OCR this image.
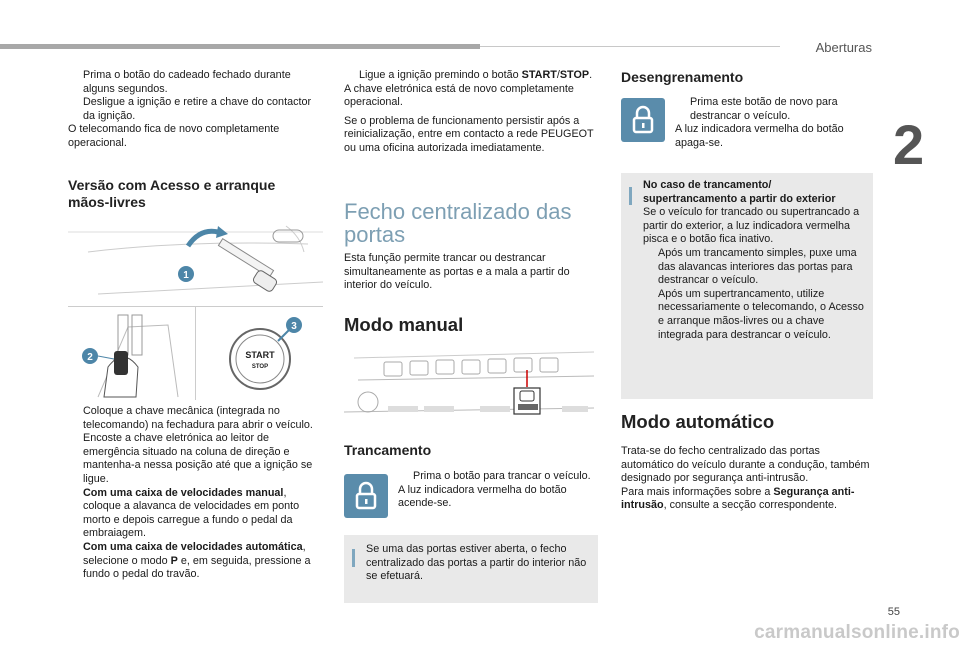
Aberturas
2
55
carmanualsonline.info
Prima o botão do cadeado fechado durante alguns segundos.
Desligue a ignição e retire a chave do contactor da ignição.

O telecomando fica de novo completamente operacional.

Versão com Acesso e arranque mãos-livres
1
2	START
STOP
3
Coloque a chave mecânica (integrada no telecomando) na fechadura para abrir o veículo.
Encoste a chave eletrónica ao leitor de emergência situado na coluna de direção e mantenha-a nessa posição até que a ignição se ligue.
Com uma caixa de velocidades manual, coloque a alavanca de velocidades em ponto morto e depois carregue a fundo o pedal da embraiagem.
Com uma caixa de velocidades automática, selecione o modo P e, em seguida, pressione a fundo o pedal do travão.
Ligue a ignição premindo o botão START/STOP.

A chave eletrónica está de novo completamente operacional.

Se o problema de funcionamento persistir após a reinicialização, entre em contacto a rede PEUGEOT ou uma oficina autorizada imediatamente.

Fecho centralizado das portas

Esta função permite trancar ou destrancar simultaneamente as portas e a mala a partir do interior do veículo.

Modo manual
Trancamento
Prima o botão para trancar o veículo.

A luz indicadora vermelha do botão acende-se.

Se uma das portas estiver aberta, o fecho centralizado das portas a partir do interior não se efetuará.
Desengrenamento
Prima este botão de novo para destrancar o veículo.

A luz indicadora vermelha do botão apaga-se.

No caso de trancamento/

supertrancamento a partir do exterior

Se o veículo for trancado ou supertrancado a partir do exterior, a luz indicadora vermelha pisca e o botão fica inativo.

Após um trancamento simples, puxe uma das alavancas interiores das portas para destrancar o veículo.
Após um supertrancamento, utilize necessariamente o telecomando, o Acesso e arranque mãos-livres ou a chave integrada para destrancar o veículo.
Modo automático

Trata-se do fecho centralizado das portas automático do veículo durante a condução, também designado por segurança anti-intrusão.

Para mais informações sobre a Segurança anti-intrusão, consulte a secção correspondente.
